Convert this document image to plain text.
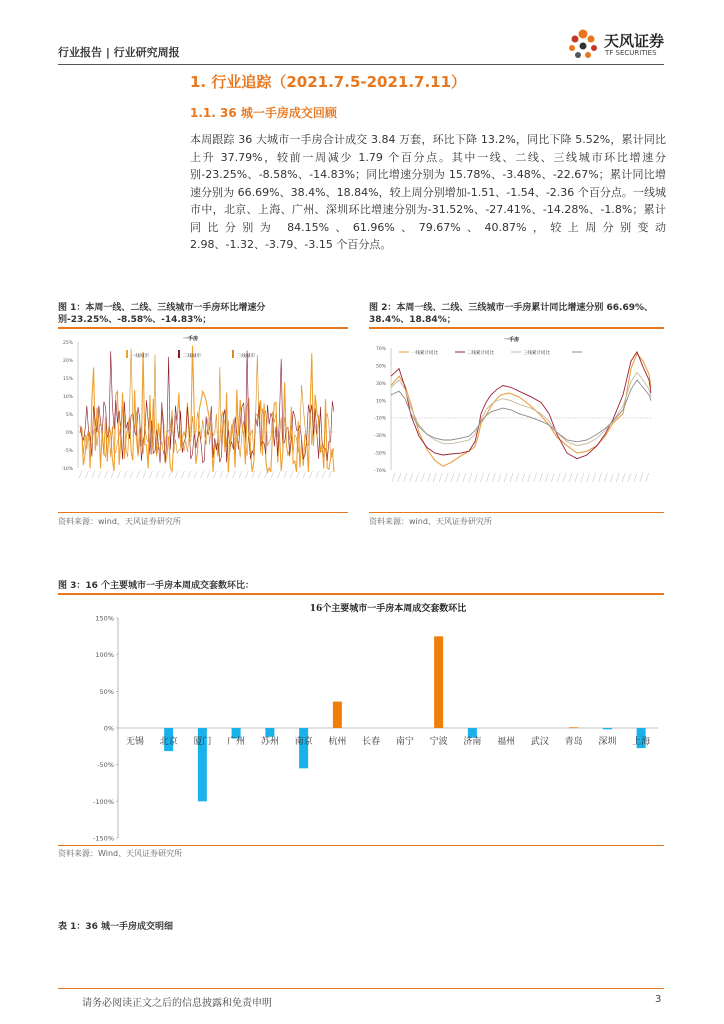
行业报告 | 行业研究周报
天风证券
TF SECURITIES
1. 行业追踪（2021.7.5-2021.7.11）
1.1. 36 城一手房成交回顾
本周跟踪 36 大城市一手房合计成交 3.84 万套，环比下降 13.2%，同比下降 5.52%，累计同比上升 37.79%，较前一周减少 1.79 个百分点。其中一线、二线、三线城市环比增速分别-23.25%、-8.58%、-14.83%；同比增速分别为 15.78%、-3.48%、-22.67%；累计同比增速分别为 66.69%、38.4%、18.84%，较上周分别增加-1.51、-1.54、-2.36 个百分点。一线城市中，北京、上海、广州、深圳环比增速分别为-31.52%、-27.41%、-14.28%、-1.8%；累计同比分别为 84.15%、61.96%、79.67%、40.87%，较上周分别变动 2.98、-1.32、-3.79、-3.15 个百分点。
图 1：本周一线、二线、三线城市一手房环比增速分别-23.25%、-8.58%、-14.83%；
25%
20%
15%
10%
5%
0%
-5%
-10%
一手房
一线城市	二线城市	三线城市
资料来源：wind、天风证券研究所
图 2：本周一线、二线、三线城市一手房累计同比增速分别 66.69%、38.4%、18.84%；
70%
50%
30%
10%
-10%
-30%
-50%
-70%
一手房
一线累计同比	二线累计同比	三线累计同比
资料来源：wind、天风证券研究所
图 3：16 个主要城市一手房本周成交套数环比：
16个主要城市一手房本周成交套数环比
150%
100%
50%
0%
-50%
-100%
-150%
无锡 北京 厦门 广州 苏州 南京 杭州 长春 南宁 宁波 济南 福州 武汉 青岛 深圳 上海
资料来源：Wind、天风证券研究所
表 1：36 城一手房成交明细
请务必阅读正文之后的信息披露和免责申明	3
